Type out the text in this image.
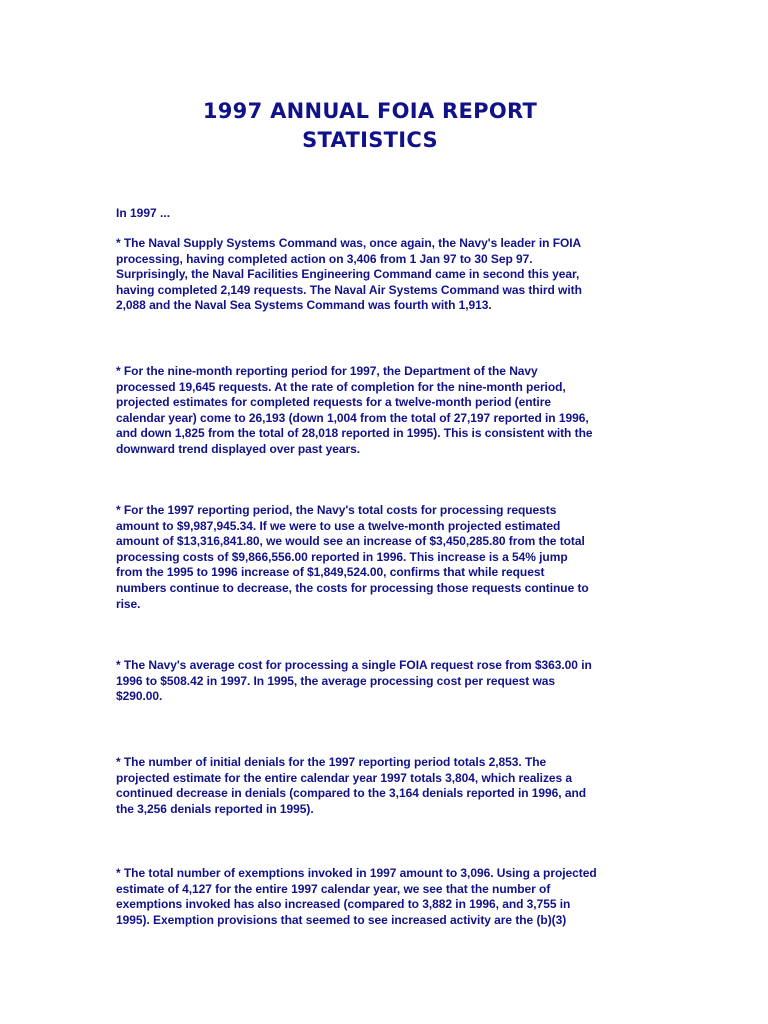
1997 ANNUAL FOIA REPORT
STATISTICS

In 1997 ...

* The Naval Supply Systems Command was, once again, the Navy's leader in FOIA
processing, having completed action on 3,406 from 1 Jan 97 to 30 Sep 97.
Surprisingly, the Naval Facilities Engineering Command came in second this year,
having completed 2,149 requests. The Naval Air Systems Command was third with
2,088 and the Naval Sea Systems Command was fourth with 1,913.

* For the nine-month reporting period for 1997, the Department of the Navy
processed 19,645 requests. At the rate of completion for the nine-month period,
projected estimates for completed requests for a twelve-month period (entire
calendar year) come to 26,193 (down 1,004 from the total of 27,197 reported in 1996,
and down 1,825 from the total of 28,018 reported in 1995). This is consistent with the
downward trend displayed over past years.

* For the 1997 reporting period, the Navy's total costs for processing requests
amount to $9,987,945.34. If we were to use a twelve-month projected estimated
amount of $13,316,841.80, we would see an increase of $3,450,285.80 from the total
processing costs of $9,866,556.00 reported in 1996. This increase is a 54% jump
from the 1995 to 1996 increase of $1,849,524.00, confirms that while request
numbers continue to decrease, the costs for processing those requests continue to
rise.

* The Navy's average cost for processing a single FOIA request rose from $363.00 in
1996 to $508.42 in 1997. In 1995, the average processing cost per request was
$290.00.

* The number of initial denials for the 1997 reporting period totals 2,853. The
projected estimate for the entire calendar year 1997 totals 3,804, which realizes a
continued decrease in denials (compared to the 3,164 denials reported in 1996, and
the 3,256 denials reported in 1995).

* The total number of exemptions invoked in 1997 amount to 3,096. Using a projected
estimate of 4,127 for the entire 1997 calendar year, we see that the number of
exemptions invoked has also increased (compared to 3,882 in 1996, and 3,755 in
1995). Exemption provisions that seemed to see increased activity are the (b)(3)
